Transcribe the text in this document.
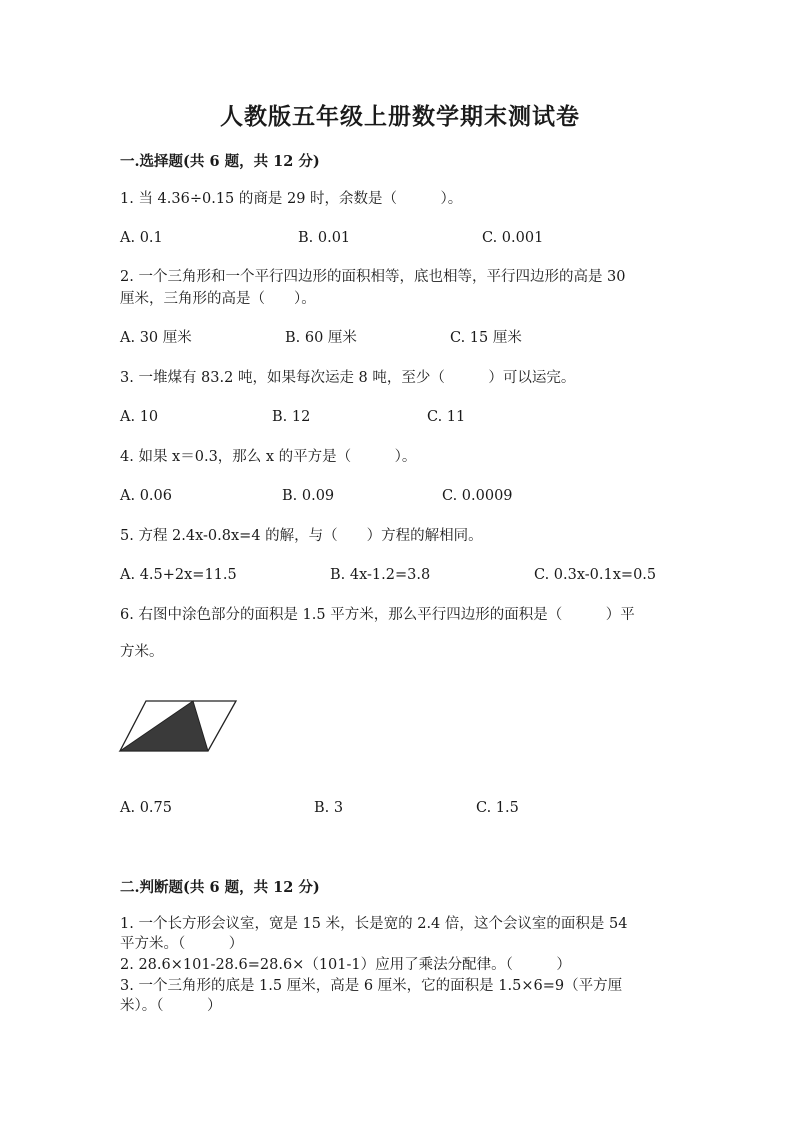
人教版五年级上册数学期末测试卷
一.选择题(共 6 题，共 12 分)
1. 当 4.36÷0.15 的商是 29 时，余数是（　　　）。
A. 0.1	B. 0.01	C. 0.001
2. 一个三角形和一个平行四边形的面积相等，底也相等，平行四边形的高是 30
厘米，三角形的高是（　　）。
A. 30 厘米	B. 60 厘米	C. 15 厘米
3. 一堆煤有 83.2 吨，如果每次运走 8 吨，至少（　　　）可以运完。
A. 10	B. 12	C. 11
4. 如果 x＝0.3，那么 x 的平方是（　　　）。
A. 0.06	B. 0.09	C. 0.0009
5. 方程 2.4x-0.8x=4 的解，与（　　）方程的解相同。
A. 4.5+2x=11.5	B. 4x-1.2=3.8	C. 0.3x-0.1x=0.5
6. 右图中涂色部分的面积是 1.5 平方米，那么平行四边形的面积是（　　　）平
方米。
A. 0.75	B. 3	C. 1.5
二.判断题(共 6 题，共 12 分)
1. 一个长方形会议室，宽是 15 米，长是宽的 2.4 倍，这个会议室的面积是 54
平方米。（　　　）
2. 28.6×101-28.6=28.6×（101-1）应用了乘法分配律。（　　　）
3. 一个三角形的底是 1.5 厘米，高是 6 厘米，它的面积是 1.5×6=9（平方厘
米）。（　　　）
